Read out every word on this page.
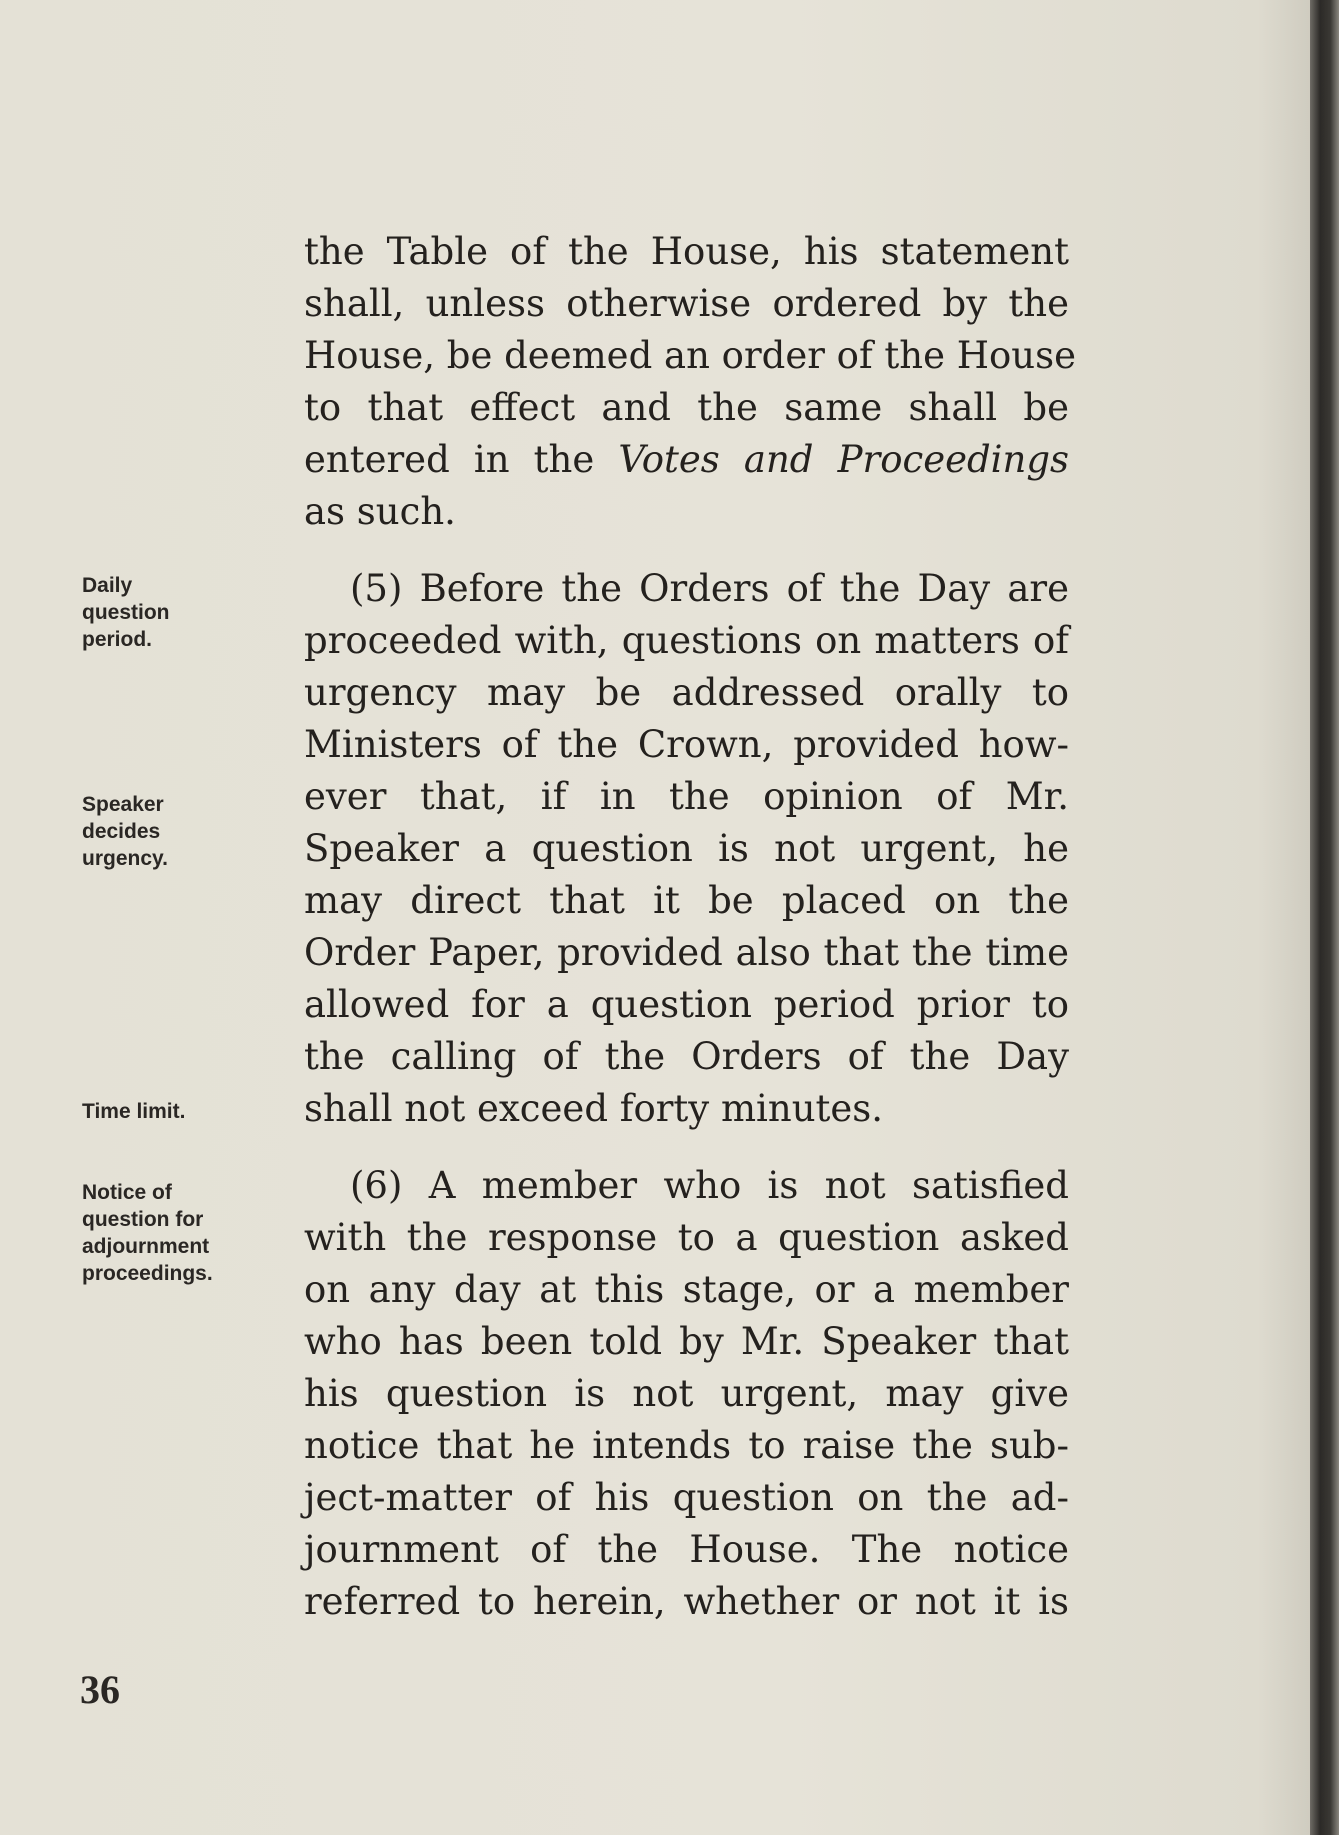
the Table of the House, his statement

shall, unless otherwise ordered by the

House, be deemed an order of the House

to that effect and the same shall be

entered in the Votes and Proceedings

as such.

(5) Before the Orders of the Day are

proceeded with, questions on matters of

urgency may be addressed orally to

Ministers of the Crown, provided how-

ever that, if in the opinion of Mr.

Speaker a question is not urgent, he

may direct that it be placed on the

Order Paper, provided also that the time

allowed for a question period prior to

the calling of the Orders of the Day

shall not exceed forty minutes.

(6) A member who is not satisfied

with the response to a question asked

on any day at this stage, or a member

who has been told by Mr. Speaker that

his question is not urgent, may give

notice that he intends to raise the sub-

ject-matter of his question on the ad-

journment of the House. The notice

referred to herein, whether or not it is

Daily
question
period.
Speaker
decides
urgency.
Time limit.
Notice of
question for
adjournment
proceedings.
36
